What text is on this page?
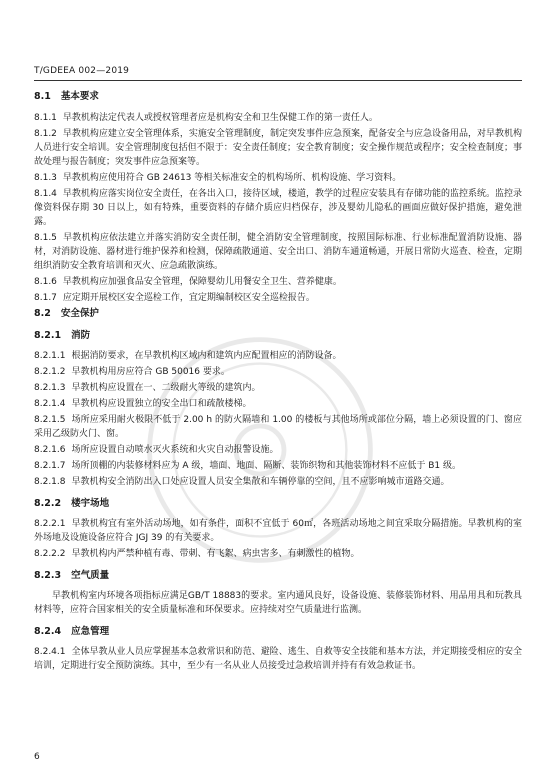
T/GDEEA 002—2019
8.1 基本要求
8.1.1 早教机构法定代表人或授权管理者应是机构安全和卫生保健工作的第一责任人。
8.1.2 早教机构应建立安全管理体系，实施安全管理制度，制定突发事件应急预案，配备安全与应急设备用品，对早教机构人员进行安全培训。安全管理制度包括但不限于：安全责任制度；安全教育制度；安全操作规范或程序；安全检查制度；事故处理与报告制度；突发事件应急预案等。
8.1.3 早教机构应使用符合 GB 24613 等相关标准安全的机构场所、机构设施、学习资料。
8.1.4 早教机构应落实岗位安全责任，在各出入口，接待区域，楼道，教学的过程应安装具有存储功能的监控系统。监控录像资料保存期 30 日以上，如有特殊，重要资料的存储介质应归档保存，涉及婴幼儿隐私的画面应做好保护措施，避免泄露。
8.1.5 早教机构应依法建立并落实消防安全责任制，健全消防安全管理制度，按照国际标准、行业标准配置消防设施、器材，对消防设施、器材进行维护保养和检测，保障疏散通道、安全出口、消防车通道畅通，开展日常防火巡查、检查，定期组织消防安全教育培训和灭火、应急疏散演练。
8.1.6 早教机构应加强食品安全管理，保障婴幼儿用餐安全卫生、营养健康。
8.1.7 应定期开展校区安全巡检工作，宜定期编制校区安全巡检报告。
8.2 安全保护
8.2.1 消防
8.2.1.1 根据消防要求，在早教机构区域内和建筑内应配置相应的消防设备。
8.2.1.2 早教机构用房应符合 GB 50016 要求。
8.2.1.3 早教机构应设置在一、二级耐火等级的建筑内。
8.2.1.4 早教机构应设置独立的安全出口和疏散楼梯。
8.2.1.5 场所应采用耐火极限不低于 2.00 h 的防火隔墙和 1.00 的楼板与其他场所或部位分隔，墙上必须设置的门、窗应采用乙级防火门、窗。
8.2.1.6 场所应设置自动喷水灭火系统和火灾自动报警设施。
8.2.1.7 场所顶棚的内装修材料应为 A 级，墙面、地面、隔断、装饰织物和其他装饰材料不应低于 B1 级。
8.2.1.8 早教机构安全消防出入口处应设置人员安全集散和车辆停靠的空间，且不应影响城市道路交通。
8.2.2 楼宇场地
8.2.2.1 早教机构宜有室外活动场地，如有条件，面积不宜低于 60㎡，各班活动场地之间宜采取分隔措施。早教机构的室外场地及设施设备应符合 JGJ 39 的有关要求。
8.2.2.2 早教机构内严禁种植有毒、带刺、有飞絮、病虫害多、有刺激性的植物。
8.2.3 空气质量
早教机构室内环境各项指标应满足GB/T 18883的要求。室内通风良好，设备设施、装修装饰材料、用品用具和玩教具材料等，应符合国家相关的安全质量标准和环保要求。应持续对空气质量进行监测。
8.2.4 应急管理
8.2.4.1 全体早教从业人员应掌握基本急救常识和防范、避险、逃生、自救等安全技能和基本方法，并定期接受相应的安全培训，定期进行安全预防演练。其中，至少有一名从业人员接受过急救培训并持有有效急救证书。
6
